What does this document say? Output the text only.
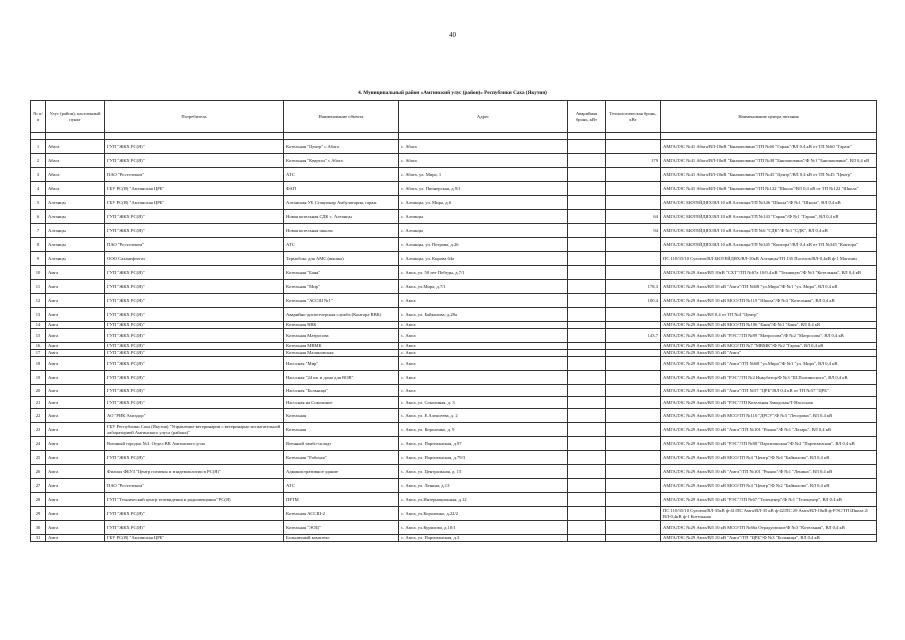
40
4. Муниципальный район «Амгинский улус (район)» Республики Саха (Якутия)
№ п/п	Улус (район), населенный пункт	Потребитель	Наименование объекта	Адрес	Аварийная бронь, кВт	Технологическая бронь, кВт	Наименование центра питания

1	Абага	ГУП "ЖКХ РС(Я)"	Котельная "Центр" с.Абага	с. Абага			АМГАЛЭС №41 Абага/ВЛ-10кВ "Бянчаповина"/ТП №60 "Гараж"/ВЛ 0,4 кВ от ТП №60 "Гараж"
2	Абага	ГУП "ЖКХ РС(Я)"	Котельная "Квартал" с.Абага	с. Абага		179	АМГАЛЭС №41 Абага/ВЛ-10кВ "Бянчаповина"/ТП №48 "Бянчаповина"/Ф №1 "Бянчаповина", ВЛ 0,4 кВ
3	Абага	ПАО "Ростелеком"	АТС	с. Абага, ул. Мира, 1			АМГАЛЭС №41 Абага/ВЛ-10кВ "Бянчаповина"/ТП №45 "Центр"/ВЛ 0,4 кВ от ТП №45 "Центр"
4	Абага	ГБУ РС(Я) "Амгинская ЦРБ"	ФАП	с. Абага, ул. Пионерская, д.9/1			АМГАЛЭС №41 Абага/ВЛ-10кВ "Бянчаповина"/ТП №122 "Школа"/ВЛ 0,4 кВ от ТП №122 "Школа"
5	Алтанцы	ГБУ РС(Я) "Амгинская ЦРБ"	Алтанская УБ Стационар Амбулатория, гараж	с. Алтанцы, ул. Мира, д.6			АМГАЛЭС БЮТЕЙДЯХ/ВЛ 10 кВ Алтанцы/ТП №346 "Школа"/Ф №1 "Школа", ВЛ 0,4 кВ
6	Алтанцы	ГУП "ЖКХ РС(Я)"	Новая котельная СДК с. Алтанцы	с. Алтанцы		64	АМГАЛЭС БЮТЕЙДЯХ/ВЛ 10 кВ Алтанцы/ТП №143 "Гараж"/Ф №1 "Гараж", ВЛ 0,4 кВ
7	Алтанцы	ГУП "ЖКХ РС(Я)"	Новая котельная школы	с. Алтанцы		94	АМГАЛЭС БЮТЕЙДЯХ/ВЛ 10 кВ Алтанцы/ТП №6 "СДК"/Ф №1 "СДК", ВЛ 0,4 кВ
8	Алтанцы	ПАО "Ростелеком"	АТС	с. Алтанцы, ул. Петрова, д.26			АМГАЛЭС БЮТЕЙДЯХ/ВЛ 10 кВ Алтанцы/ТП №345 "Контора"/ВЛ 0,4 кВ от ТП №345 "Контора"
9	Алтанцы	ООО Саханефтегаз	Термобокс для АМС (вышка)	с. Алтанцы, ул. Кирова 64а			ПС 110/35/10 Сулгачи/ВЛ БЮТЕЙДЯХ/ВЛ-10кВ Алтанцы/ТП 135 Поселок/ВЛ-0,4кВ ф-1 Магазин
10	Амга	ГУП "ЖКХ РС(Я)"	Котельная "Баня"	с. Амга, ул. 50 лет Победы, д.7/1			АМГАЛЭС №29 Амга/ВЛ 10кВ "СХТ"/ТП №67а 10/0,4 кВ "Техникум"/Ф №3 "Котельная", ВЛ 0,4 кВ
11	Амга	ГУП "ЖКХ РС(Я)"	Котельная "Мир"	с. Амга, ул.Мира, д.7/1		178,3	АМГАЛЭС №29 Амга/ВЛ 10 кВ "Амга"/ТП №6В "ул.Мира"/Ф №1 "ул. Мира", ВЛ 0,4 кВ
12	Амга	ГУП "ЖКХ РС(Я)"	Котельная "АССШ №1"	с. Амга		100,4	АМГАЛЭС №29 Амга/ВЛ 10 кВ МСО/ТП №119 "Школа"/Ф №3 "Котельная", ВЛ 0,4 кВ
13	Амга	ГУП "ЖКХ РС(Я)"	Аварийно-диспетчерская служба (Контора ВВК)	с. Амга, ул. Байкалова, д.28а			АМГАЛЭС №29 Амга/ВЛ 0,4 от ТП №4 "Центр"
14	Амга	ГУП "ЖКХ РС(Я)"	Котельная ВВК	с. Амга			АМГАЛЭС №29 Амга/ВЛ 10 кВ МСО/ТП №106 "Баня"/Ф №1 "Баня", ВЛ 0,4 кВ
15	Амга	ГУП "ЖКХ РС(Я)"	Котельная Матросова	с. Амга		143,7	АМГАЛЭС №29 Амга/ВЛ 10 кВ "РЭС"/ТП №89 "Матросова"/Ф №2 "Матросова", ВЛ 0,4 кВ
16	Амга	ГУП "ЖКХ РС(Я)"	Котельная МВМК	с. Амга			АМГАЛЭС №29 Амга/ВЛ 10 кВ МСО/ТП №7 "МВМК"/Ф №2 "Гараж", ВЛ 0,4 кВ
17	Амга	ГУП "ЖКХ РС(Я)"	Котельная Малиновская	с. Амга			АМГАЛЭС №29 Амга/ВЛ 10 кВ "Амга"
18	Амга	ГУП "ЖКХ РС(Я)"	Насосная "Мир"	с. Амга			АМГАЛЭС №29 Амга/ВЛ 10 кВ "Амга"/ТП №6В "ул.Мира"/Ф №1 "ул. Мира", ВЛ 0,4 кВ
19	Амга	ГУП "ЖКХ РС(Я)"	Насосная "24 кв. и дома для ВОВ"	с. Амга			АМГАЛЭС №29 Амга/ВЛ 10 кВ "РЭС"/ТП №2 Инкубатор/Ф №3 "Ш.Полиниского", ВЛ 0,4 кВ
20	Амга	ГУП "ЖКХ РС(Я)"	Насосная "Больница"	с. Амга			АМГАЛЭС №29 Амга/ВЛ 10 кВ "Амга"/ТП №57 "ЦРБ"/ВЛ 0,4 кВ от ТП №57 "ЦРБ"
21	Амга	ГУП "ЖКХ РС(Я)"	Насосная на Соколиное	с. Амга, ул. Соколиная, д. 3			АМГАЛЭС №29 Амга/ВЛ 10 кВ "РЭС"/ТП Котельная Заводская/Т-Насосная
22	Амга	АО "РИК Амгадор"	Котельная	с. Амга, ул. Е.Алексеева, д. 2			АМГАЛЭС №29 Амга/ВЛ 10 кВ МСО/ТП №110 "ДРСУ"/Ф №3 "Лесорама", ВЛ 0,4 кВ
23	Амга	ГБУ Республики Саха (Якутия) "Управление ветеринарии с ветеринарно-испытательной лабораторией Амгинского улуса (района)"	Котельная	с. Амга, ул. Короленко, д. 9			АМГАЛЭС №29 Амга/ВЛ 10 кВ "Амга"/ТП №101 "Рынок"/Ф №1 "Лазарь", ВЛ 0,4 кВ
24	Амга	Военный городок №3. Отдел ВК Амгинского р-на	Военный тамбо-складт	с. Амга, ул. Партизанская, д.97			АМГАЛЭС №29 Амга/ВЛ 10 кВ "РЭС"/ТП №88 "Партизанская"/Ф №2 "Партизанская", ВЛ 0,4 кВ
25	Амга	ГУП "ЖКХ РС(Я)"	Котельная "Рабочая"	с. Амга, ул. Партизанская, д.79/3			АМГАЛЭС №29 Амга/ВЛ 10 кВ МСО/ТП №4 "Центр"/Ф №4 "Байкалова", ВЛ 0,4 кВ
26	Амга	Филиал ФБУЗ "Центр гигиены и эпидемиологии в РС(Я)"	Административное здание	с. Амга, ул. Центральная, д. 15			АМГАЛЭС №29 Амга/ВЛ 10 кВ "Амга"/ТП №101 "Рынок"/Ф №1 "Ленина", ВЛ 0,4 кВ
27	Амга	ПАО "Ростелеком"	АТС	с. Амга, ул. Ленина, д.13			АМГАЛЭС №29 Амга/ВЛ 10 кВ МСО/ТП №4 "Центр"/Ф №2 "Байкалова", ВЛ 0,4 кВ
28	Амга	ГУП "Технический центр телевидения и радиовещания" РС(Я)	ПРТМ	с. Амга, ул.Интернационная, д.12			АМГАЛЭС №29 Амга/ВЛ 10 кВ "РЭС"/ТП №67 "Телецентр"/Ф №1 "Телецентр", ВЛ 0,4 кВ
29	Амга	ГУП "ЖКХ РС(Я)"	Котельная АССШ-2	с. Амга, ул.Короленко, д.22/2			ПС 110/35/10 Сулгачи/ВЛ-35кВ ф-41/ПС Амга/ВЛ-35 кВ ф-42/ПС 29 Амга/ВЛ-10кВ ф-РЭС/ТП Школа 2/ВЛ-0,4кВ ф-1 Котельная
30	Амга	ГУП "ЖКХ РС(Я)"	Котельная "ЭОЦ"	с. Амга, ул.Курилова, д.10/1			АМГАЛЭС №29 Амга/ВЛ 10 кВ МСО/ТП №66а Отрадуовское/Ф №3 "Котельная", ВЛ 0,4 кВ
31	Амга	ГБУ РС(Я) "Амгинская ЦРБ"	Больничный комплекс	с. Амга, ул. Партизанская, д.3			АМГАЛЭС №29 Амга/ВЛ 10 кВ "Амга"/ТП "ЦРБ"/Ф №3 "Больница", ВЛ 0,4 кВ
